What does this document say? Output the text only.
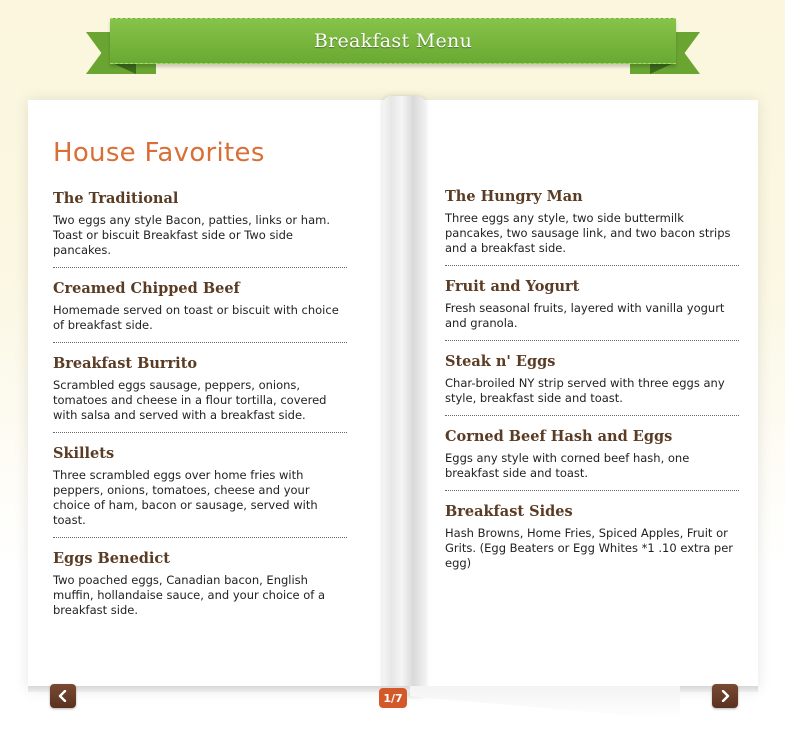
Breakfast Menu
House Favorites
The Traditional

Two eggs any style Bacon, patties, links or ham. Toast or biscuit Breakfast side or Two side pancakes.

Creamed Chipped Beef

Homemade served on toast or biscuit with choice of breakfast side.

Breakfast Burrito

Scrambled eggs sausage, peppers, onions, tomatoes and cheese in a flour tortilla, covered with salsa and served with a breakfast side.

Skillets

Three scrambled eggs over home fries with peppers, onions, tomatoes, cheese and your choice of ham, bacon or sausage, served with toast.

Eggs Benedict

Two poached eggs, Canadian bacon, English muffin, hollandaise sauce, and your choice of a breakfast side.

The Hungry Man

Three eggs any style, two side buttermilk pancakes, two sausage link, and two bacon strips and a breakfast side.

Fruit and Yogurt

Fresh seasonal fruits, layered with vanilla yogurt and granola.

Steak n' Eggs

Char-broiled NY strip served with three eggs any style, breakfast side and toast.

Corned Beef Hash and Eggs

Eggs any style with corned beef hash, one breakfast side and toast.

Breakfast Sides

Hash Browns, Home Fries, Spiced Apples, Fruit or Grits. (Egg Beaters or Egg Whites *1 .10 extra per egg)

1/7
